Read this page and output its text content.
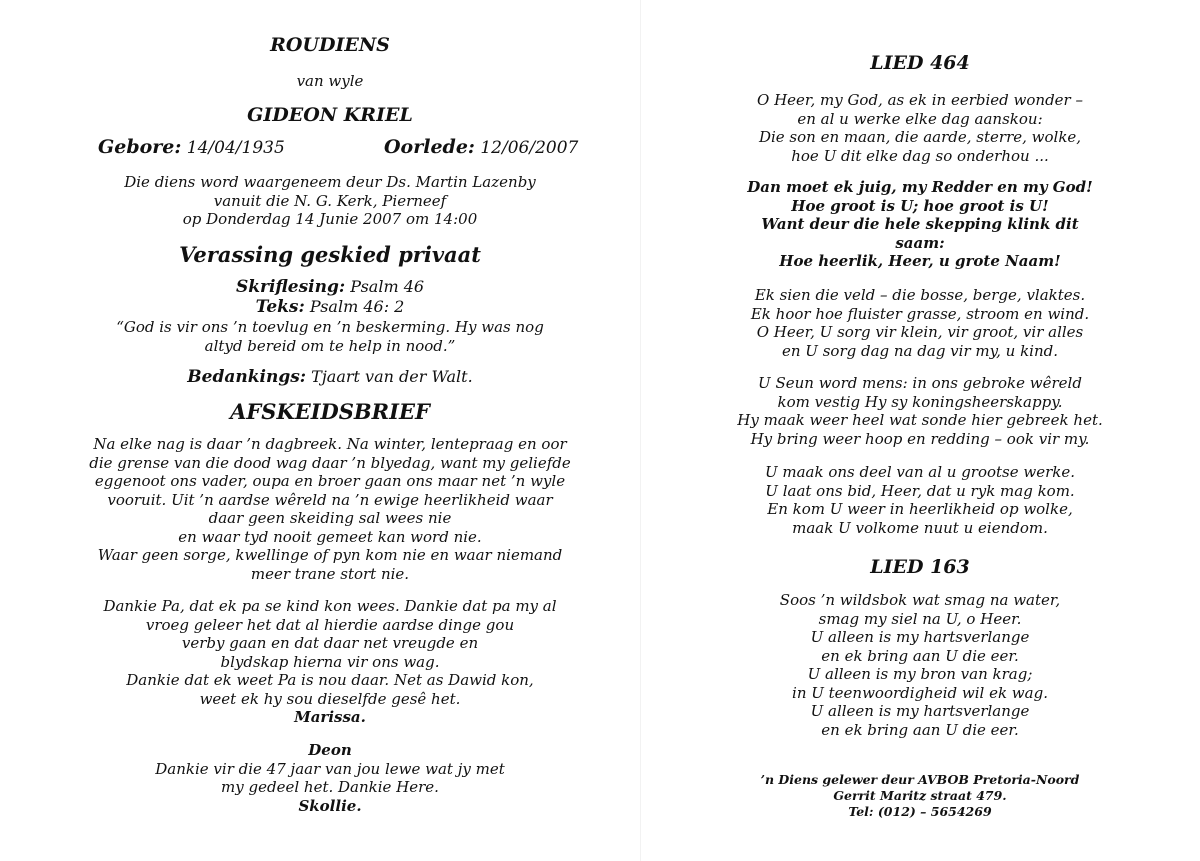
ROUDIENS
van wyle
GIDEON KRIEL
Gebore: 14/04/1935	Oorlede: 12/06/2007
Die diens word waargeneem deur Ds. Martin Lazenby
vanuit die N. G. Kerk, Pierneef
op Donderdag 14 Junie 2007 om 14:00
Verassing geskied privaat
Skriflesing: Psalm 46
Teks: Psalm 46: 2
“God is vir ons ’n toevlug en ’n beskerming. Hy was nog
altyd bereid om te help in nood.”
Bedankings: Tjaart van der Walt.
AFSKEIDSBRIEF
Na elke nag is daar ’n dagbreek. Na winter, lentepraag en oor
die grense van die dood wag daar ’n blyedag, want my geliefde
eggenoot ons vader, oupa en broer gaan ons maar net ’n wyle
vooruit. Uit ’n aardse wêreld na ’n ewige heerlikheid waar
daar geen skeiding sal wees nie
en waar tyd nooit gemeet kan word nie.
Waar geen sorge, kwellinge of pyn kom nie en waar niemand
meer trane stort nie.
Dankie Pa, dat ek pa se kind kon wees. Dankie dat pa my al
vroeg geleer het dat al hierdie aardse dinge gou
verby gaan en dat daar net vreugde en
blydskap hierna vir ons wag.
Dankie dat ek weet Pa is nou daar. Net as Dawid kon,
weet ek hy sou dieselfde gesê het.
Marissa.
Deon
Dankie vir die 47 jaar van jou lewe wat jy met
my gedeel het. Dankie Here.
Skollie.
LIED 464
O Heer, my God, as ek in eerbied wonder –
en al u werke elke dag aanskou:
Die son en maan, die aarde, sterre, wolke,
hoe U dit elke dag so onderhou ...
Dan moet ek juig, my Redder en my God!
Hoe groot is U; hoe groot is U!
Want deur die hele skepping klink dit
saam:
Hoe heerlik, Heer, u grote Naam!
Ek sien die veld – die bosse, berge, vlaktes.
Ek hoor hoe fluister grasse, stroom en wind.
O Heer, U sorg vir klein, vir groot, vir alles
en U sorg dag na dag vir my, u kind.
U Seun word mens: in ons gebroke wêreld
kom vestig Hy sy koningsheerskappy.
Hy maak weer heel wat sonde hier gebreek het.
Hy bring weer hoop en redding – ook vir my.
U maak ons deel van al u grootse werke.
U laat ons bid, Heer, dat u ryk mag kom.
En kom U weer in heerlikheid op wolke,
maak U volkome nuut u eiendom.
LIED 163
Soos ’n wildsbok wat smag na water,
smag my siel na U, o Heer.
U alleen is my hartsverlange
en ek bring aan U die eer.
U alleen is my bron van krag;
in U teenwoordigheid wil ek wag.
U alleen is my hartsverlange
en ek bring aan U die eer.
’n Diens gelewer deur AVBOB Pretoria-Noord
Gerrit Maritz straat 479.
Tel: (012) – 5654269
